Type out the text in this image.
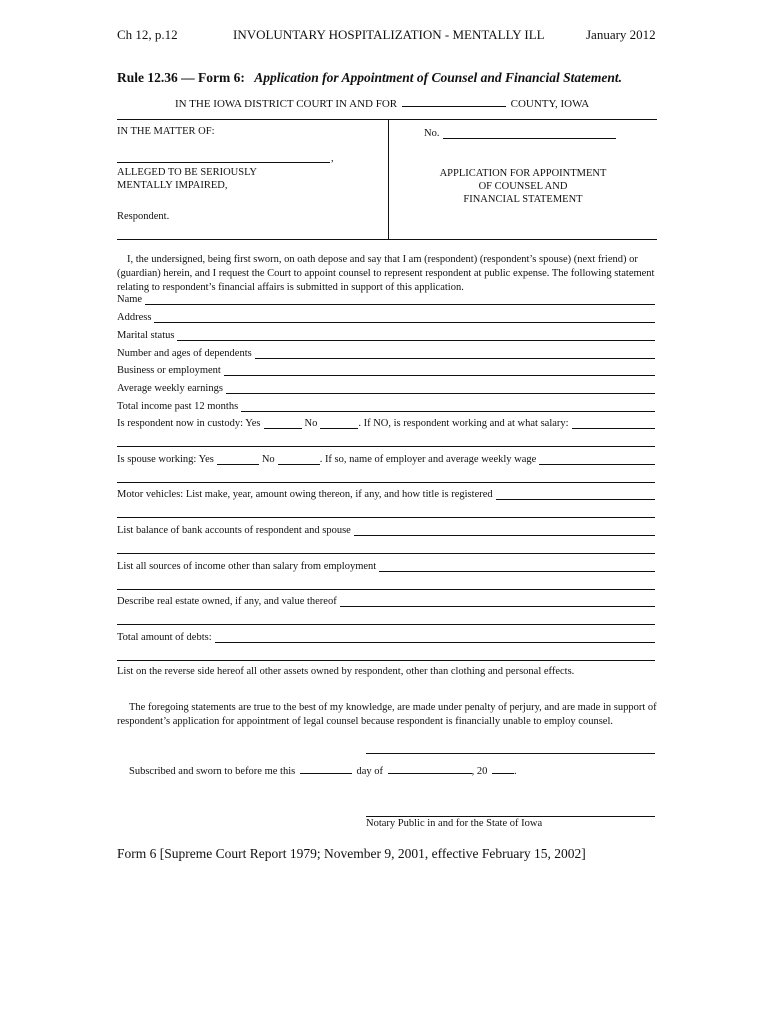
Ch 12, p.12	INVOLUNTARY HOSPITALIZATION - MENTALLY ILL	January 2012
Rule 12.36 — Form 6: Application for Appointment of Counsel and Financial Statement.
IN THE IOWA DISTRICT COURT IN AND FOR	COUNTY, IOWA
IN THE MATTER OF:
,
ALLEGED TO BE SERIOUSLY
MENTALLY IMPAIRED,
Respondent.
No.
APPLICATION FOR APPOINTMENT
OF COUNSEL AND
FINANCIAL STATEMENT
I, the undersigned, being first sworn, on oath depose and say that I am (respondent) (respondent’s spouse) (next friend) or (guardian) herein, and I request the Court to appoint counsel to represent respondent at public expense. The following statement relating to respondent’s financial affairs is submitted in support of this application.
Name
Address
Marital status
Number and ages of dependents
Business or employment
Average weekly earnings
Total income past 12 months
Is respondent now in custody: Yes	No	. If NO, is respondent working and at what salary:
Is spouse working: Yes	No	. If so, name of employer and average weekly wage
Motor vehicles: List make, year, amount owing thereon, if any, and how title is registered
List balance of bank accounts of respondent and spouse
List all sources of income other than salary from employment
Describe real estate owned, if any, and value thereof
Total amount of debts:
List on the reverse side hereof all other assets owned by respondent, other than clothing and personal effects.
The foregoing statements are true to the best of my knowledge, are made under penalty of perjury, and are made in support of respondent’s application for appointment of legal counsel because respondent is financially unable to employ counsel.
Subscribed and sworn to before me this	day of	, 20	.
Notary Public in and for the State of Iowa
Form 6 [Supreme Court Report 1979; November 9, 2001, effective February 15, 2002]
